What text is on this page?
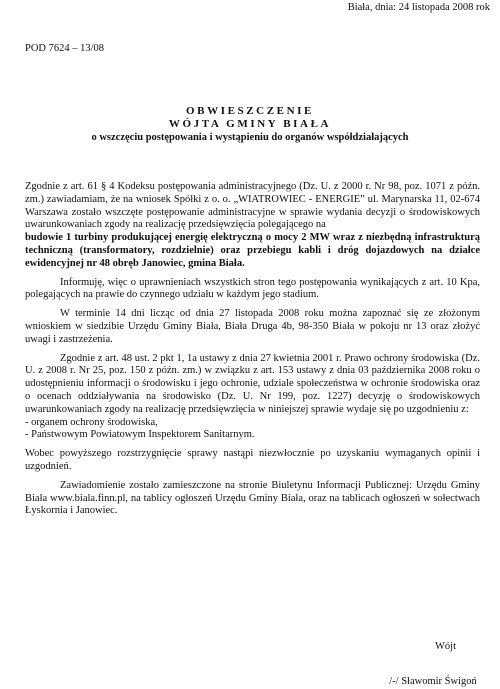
Biała, dnia: 24 listopada 2008 rok
POD 7624 – 13/08
OBWIESZCZENIE
WÓJTA GMINY BIAŁA
o wszczęciu postępowania i wystąpieniu do organów współdziałających

Zgodnie z art. 61 § 4 Kodeksu postępowania administracyjnego (Dz. U. z 2000 r. Nr 98, poz. 1071 z późn. zm.) zawiadamiam, że na wniosek Spółki z o. o. „WIATROWIEC - ENERGIE” ul. Marynarska 11, 02-674 Warszawa zostało wszczęte postępowanie administracyjne w sprawie wydania decyzji o środowiskowych uwarunkowaniach zgody na realizację przedsięwzięcia polegającego na

budowie 1 turbiny produkującej energię elektryczną o mocy 2 MW wraz z niezbędną infrastrukturą techniczną (transformatory, rozdzielnie) oraz przebiegu kabli i dróg dojazdowych na działce ewidencyjnej nr 48 obręb Janowiec, gmina Biała.

Informuję, więc o uprawnieniach wszystkich stron tego postępowania wynikających z art. 10 Kpa, polegających na prawie do czynnego udziału w każdym jego stadium.

W terminie 14 dni licząc od dnia 27 listopada 2008 roku można zapoznać się ze złożonym wnioskiem w siedzibie Urzędu Gminy Biała, Biała Druga 4b, 98-350 Biała w pokoju nr 13 oraz złożyć uwagi i zastrzeżenia.

Zgodnie z art. 48 ust. 2 pkt 1, 1a ustawy z dnia 27 kwietnia 2001 r. Prawo ochrony środowiska (Dz. U. z 2008 r. Nr 25, poz. 150 z późn. zm.) w związku z art. 153 ustawy z dnia 03 października 2008 roku o udostępnieniu informacji o środowisku i jego ochronie, udziale społeczeństwa w ochronie środowiska oraz o ocenach oddziaływania na środowisko (Dz. U. Nr 199, poz. 1227) decyzję o środowiskowych uwarunkowaniach zgody na realizację przedsięwzięcia w niniejszej sprawie wydaje się po uzgodnieniu z:

- organem ochrony środowiska,

- Państwowym Powiatowym Inspektorem Sanitarnym.

Wobec powyższego rozstrzygnięcie sprawy nastąpi niezwłocznie po uzyskaniu wymaganych opinii i uzgodnień.

Zawiadomienie zostało zamieszczone na stronie Biuletynu Informacji Publicznej: Urzędu Gminy Biała www.biala.finn.pl, na tablicy ogłoszeń Urzędu Gminy Biała, oraz na tablicach ogłoszeń w sołectwach Łyskornia i Janowiec.

Wójt
/-/ Sławomir Świgoń
